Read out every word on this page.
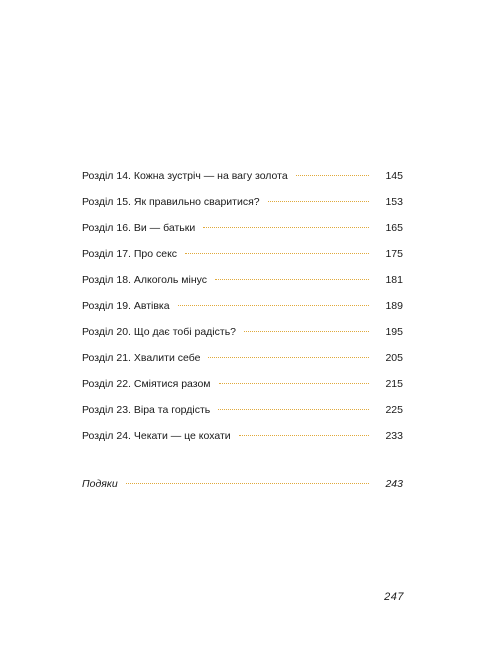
Розділ 14. Кожна зустріч — на вагу золота	145
Розділ 15. Як правильно сваритися?	153
Розділ 16. Ви — батьки	165
Розділ 17. Про секс	175
Розділ 18. Алкоголь мінус	181
Розділ 19. Автівка	189
Розділ 20. Що дає тобі радість?	195
Розділ 21. Хвалити себе	205
Розділ 22. Сміятися разом	215
Розділ 23. Віра та гордість	225
Розділ 24. Чекати — це кохати	233
Подяки	243
247
